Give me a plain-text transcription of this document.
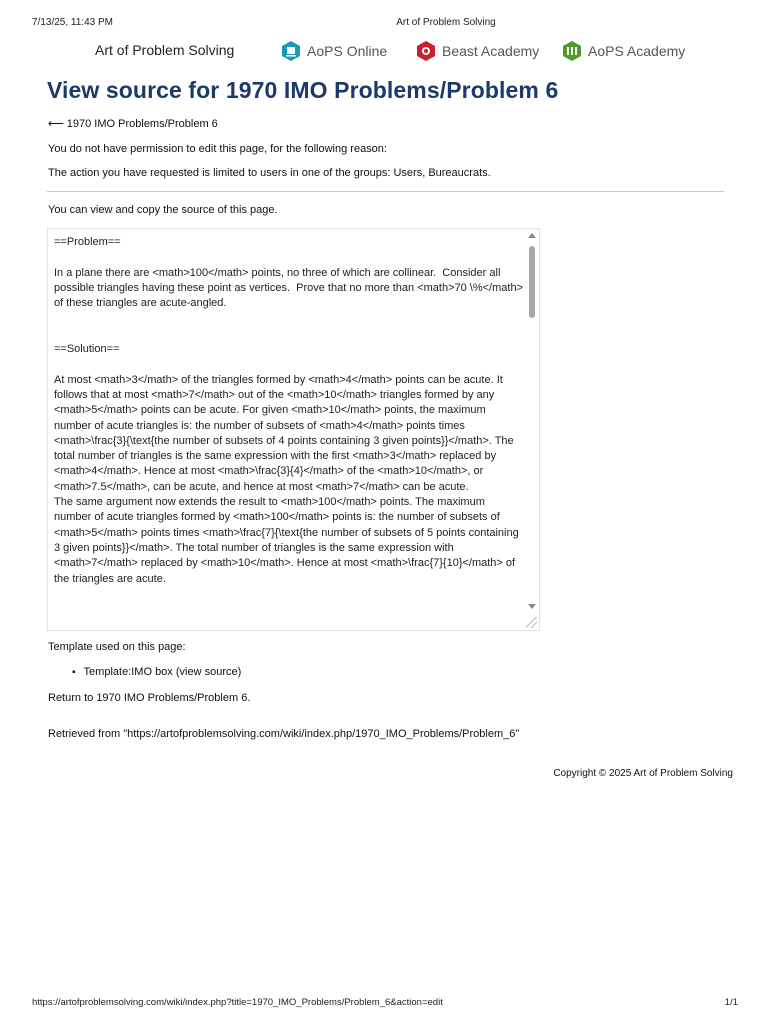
7/13/25, 11:43 PM	Art of Problem Solving
Art of Problem Solving	AoPS Online	Beast Academy	AoPS Academy
View source for 1970 IMO Problems/Problem 6
⟵ 1970 IMO Problems/Problem 6
You do not have permission to edit this page, for the following reason:
The action you have requested is limited to users in one of the groups: Users, Bureaucrats.
You can view and copy the source of this page.
==Problem==

In a plane there are <math>100</math> points, no three of which are collinear.  Consider all possible triangles having these point as vertices.  Prove that no more than <math>70 \%</math> of these triangles are acute-angled.

==Solution==

At most <math>3</math> of the triangles formed by <math>4</math> points can be acute. It follows that at most <math>7</math> out of the <math>10</math> triangles formed by any <math>5</math> points can be acute. For given <math>10</math> points, the maximum number of acute triangles is: the number of subsets of <math>4</math> points times <math>\frac{3}{\text{the number of subsets of 4 points containing 3 given points}}</math>. The total number of triangles is the same expression with the first <math>3</math> replaced by <math>4</math>. Hence at most <math>\frac{3}{4}</math> of the <math>10</math>, or <math>7.5</math>, can be acute, and hence at most <math>7</math> can be acute.
The same argument now extends the result to <math>100</math> points. The maximum number of acute triangles formed by <math>100</math> points is: the number of subsets of <math>5</math> points times <math>\frac{7}{\text{the number of subsets of 5 points containing 3 given points}}</math>. The total number of triangles is the same expression with <math>7</math> replaced by <math>10</math>. Hence at most <math>\frac{7}{10}</math> of the triangles are acute.
Template used on this page:
▪ Template:IMO box (view source)
Return to 1970 IMO Problems/Problem 6.
Retrieved from "https://artofproblemsolving.com/wiki/index.php/1970_IMO_Problems/Problem_6"
Copyright © 2025 Art of Problem Solving
https://artofproblemsolving.com/wiki/index.php?title=1970_IMO_Problems/Problem_6&action=edit	1/1
